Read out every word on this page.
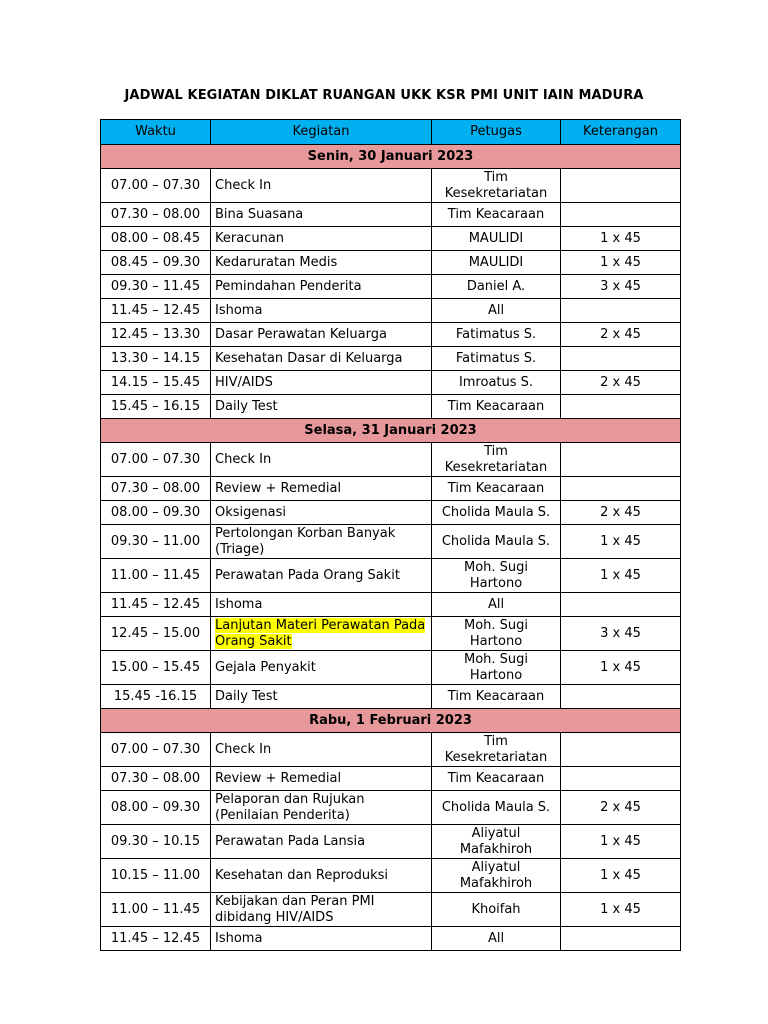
JADWAL KEGIATAN DIKLAT RUANGAN UKK KSR PMI UNIT IAIN MADURA
Waktu	Kegiatan	Petugas	Keterangan
Senin, 30 Januari 2023			
07.00 – 07.30	Check In	Tim Kesekretariatan	
07.30 – 08.00	Bina Suasana	Tim Keacaraan	
08.00 – 08.45	Keracunan	MAULIDI	1 x 45
08.45 – 09.30	Kedaruratan Medis	MAULIDI	1 x 45
09.30 – 11.45	Pemindahan Penderita	Daniel A.	3 x 45
11.45 – 12.45	Ishoma	All	
12.45 – 13.30	Dasar Perawatan Keluarga	Fatimatus S.	2 x 45
13.30 – 14.15	Kesehatan Dasar di Keluarga	Fatimatus S.	
14.15 – 15.45	HIV/AIDS	Imroatus S.	2 x 45
15.45 – 16.15	Daily Test	Tim Keacaraan	
Selasa, 31 Januari 2023			
07.00 – 07.30	Check In	Tim Kesekretariatan	
07.30 – 08.00	Review + Remedial	Tim Keacaraan	
08.00 – 09.30	Oksigenasi	Cholida Maula S.	2 x 45
09.30 – 11.00	Pertolongan Korban Banyak (Triage)	Cholida Maula S.	1 x 45
11.00 – 11.45	Perawatan Pada Orang Sakit	Moh. Sugi Hartono	1 x 45
11.45 – 12.45	Ishoma	All	
12.45 – 15.00	Lanjutan Materi Perawatan Pada Orang Sakit	Moh. Sugi Hartono	3 x 45
15.00 – 15.45	Gejala Penyakit	Moh. Sugi Hartono	1 x 45
15.45 -16.15	Daily Test	Tim Keacaraan	
Rabu, 1 Februari 2023			
07.00 – 07.30	Check In	Tim Kesekretariatan	
07.30 – 08.00	Review + Remedial	Tim Keacaraan	
08.00 – 09.30	Pelaporan dan Rujukan (Penilaian Penderita)	Cholida Maula S.	2 x 45
09.30 – 10.15	Perawatan Pada Lansia	Aliyatul Mafakhiroh	1 x 45
10.15 – 11.00	Kesehatan dan Reproduksi	Aliyatul Mafakhiroh	1 x 45
11.00 – 11.45	Kebijakan dan Peran PMI dibidang HIV/AIDS	Khoifah	1 x 45
11.45 – 12.45	Ishoma	All	
